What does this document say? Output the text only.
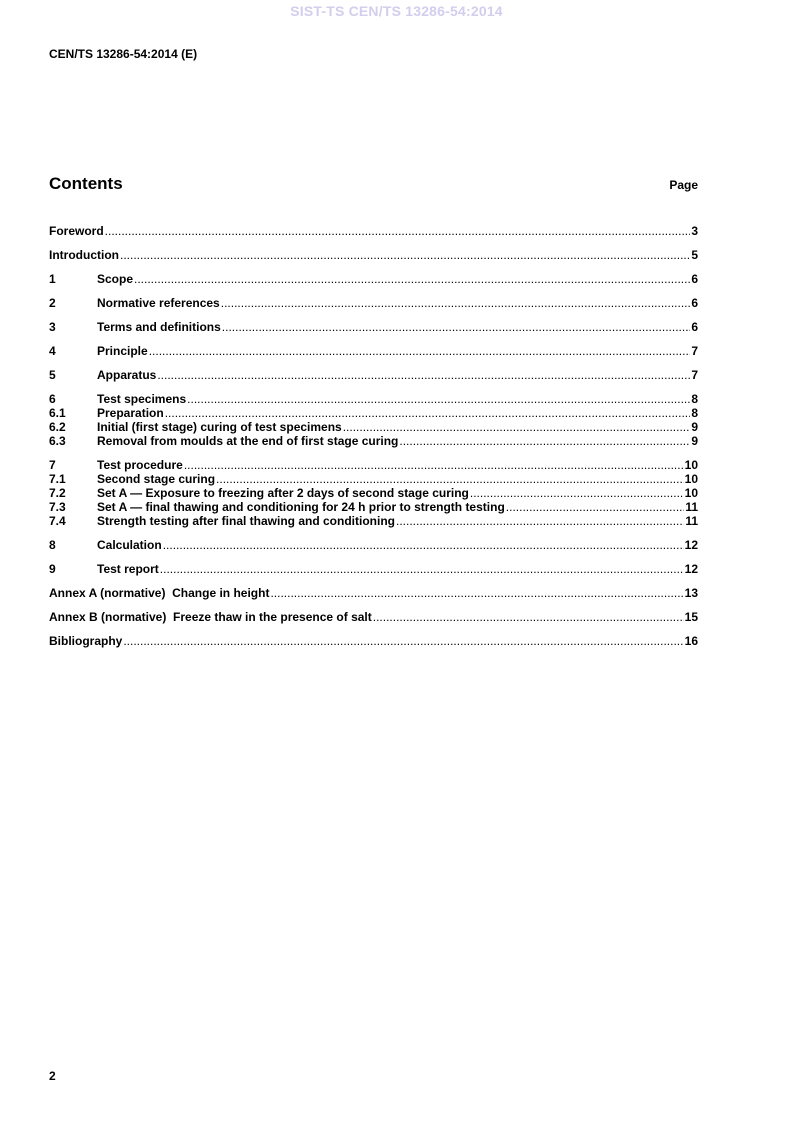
SIST-TS CEN/TS 13286-54:2014
CEN/TS 13286-54:2014 (E)
Contents	Page
Foreword .....	3
Introduction .....	5
1	Scope .....	6
2	Normative references .....	6
3	Terms and definitions .....	6
4	Principle .....	7
5	Apparatus .....	7
6	Test specimens .....	8
6.1	Preparation .....	8
6.2	Initial (first stage) curing of test specimens .....	9
6.3	Removal from moulds at the end of first stage curing .....	9
7	Test procedure .....	10
7.1	Second stage curing .....	10
7.2	Set A — Exposure to freezing after 2 days of second stage curing .....	10
7.3	Set A — final thawing and conditioning for 24 h prior to strength testing .....	11
7.4	Strength testing after final thawing and conditioning .....	11
8	Calculation .....	12
9	Test report .....	12
Annex A (normative)  Change in height .....	13
Annex B (normative)  Freeze thaw in the presence of salt .....	15
Bibliography .....	16
2
